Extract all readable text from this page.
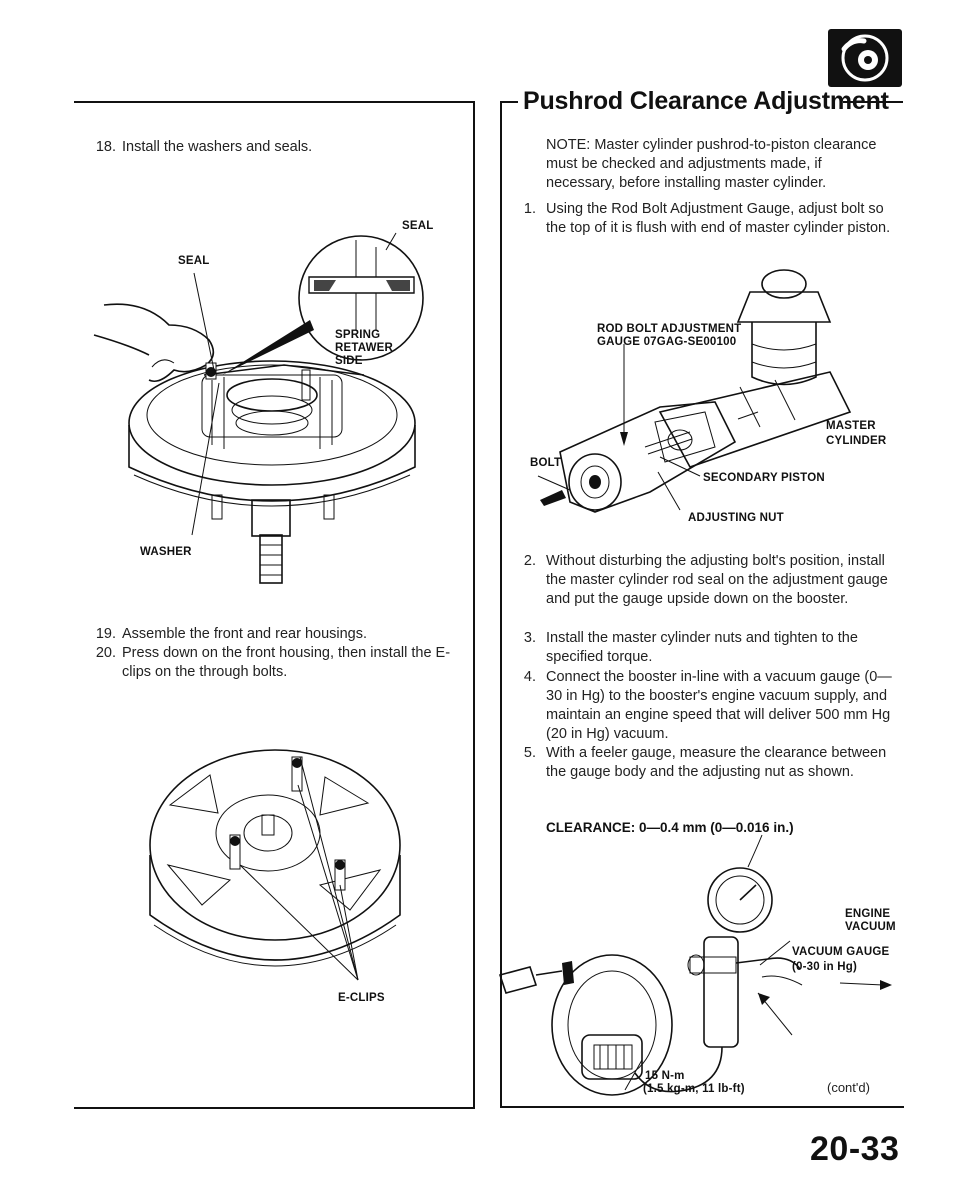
Pushrod Clearance Adjustment
18. Install the washers and seals.
SEAL
SEAL
SPRING
RETAWER
SIDE
WASHER
19. Assemble the front and rear housings.
20. Press down on the front housing, then install the E-clips on the through bolts.
E-CLIPS
NOTE: Master cylinder pushrod-to-piston clearance must be checked and adjustments made, if necessary, before installing master cylinder.
1. Using the Rod Bolt Adjustment Gauge, adjust bolt so the top of it is flush with end of master cylinder piston.
ROD BOLT ADJUSTMENT
GAUGE 07GAG-SE00100
MASTER
CYLINDER
BOLT
SECONDARY PISTON
ADJUSTING NUT
2. Without disturbing the adjusting bolt's position, install the master cylinder rod seal on the adjustment gauge and put the gauge upside down on the booster.
3. Install the master cylinder nuts and tighten to the specified torque.
4. Connect the booster in-line with a vacuum gauge (0—30 in Hg) to the booster's engine vacuum supply, and maintain an engine speed that will deliver 500 mm Hg (20 in Hg) vacuum.
5. With a feeler gauge, measure the clearance between the gauge body and the adjusting nut as shown.
CLEARANCE: 0—0.4 mm (0—0.016 in.)
ENGINE
VACUUM
VACUUM GAUGE
(0-30 in Hg)
15 N-m
(1.5 kg-m, 11 lb-ft)	(cont'd)
20-33
